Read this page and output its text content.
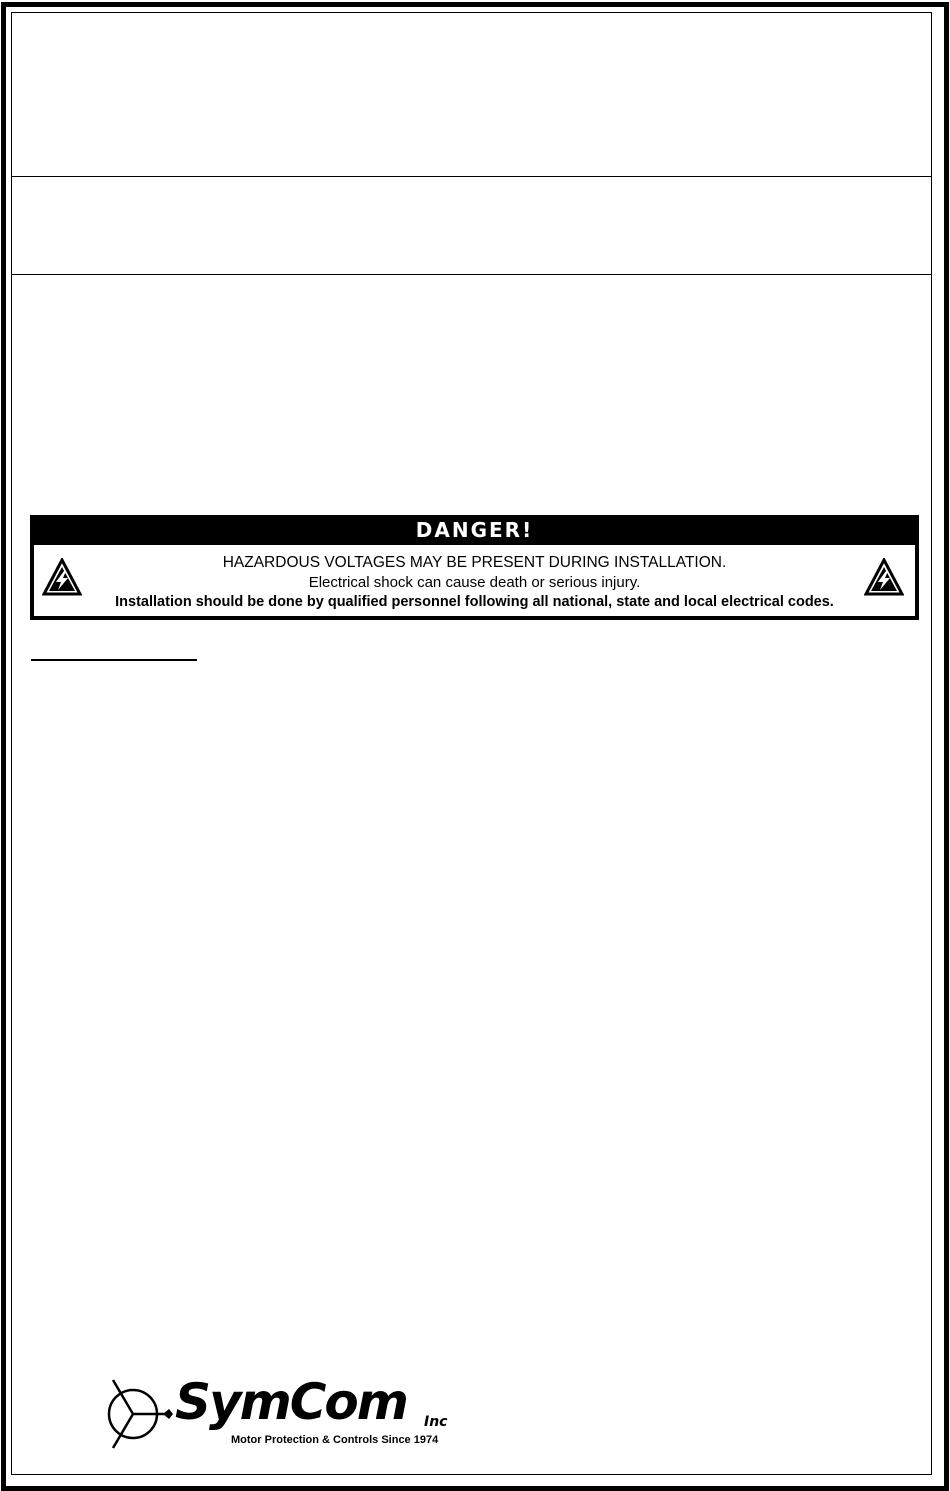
DANGER!
HAZARDOUS VOLTAGES MAY BE PRESENT DURING INSTALLATION.
Electrical shock can cause death or serious injury.
Installation should be done by qualified personnel following all national, state and local electrical codes.
SymCom Inc
Motor Protection & Controls Since 1974
